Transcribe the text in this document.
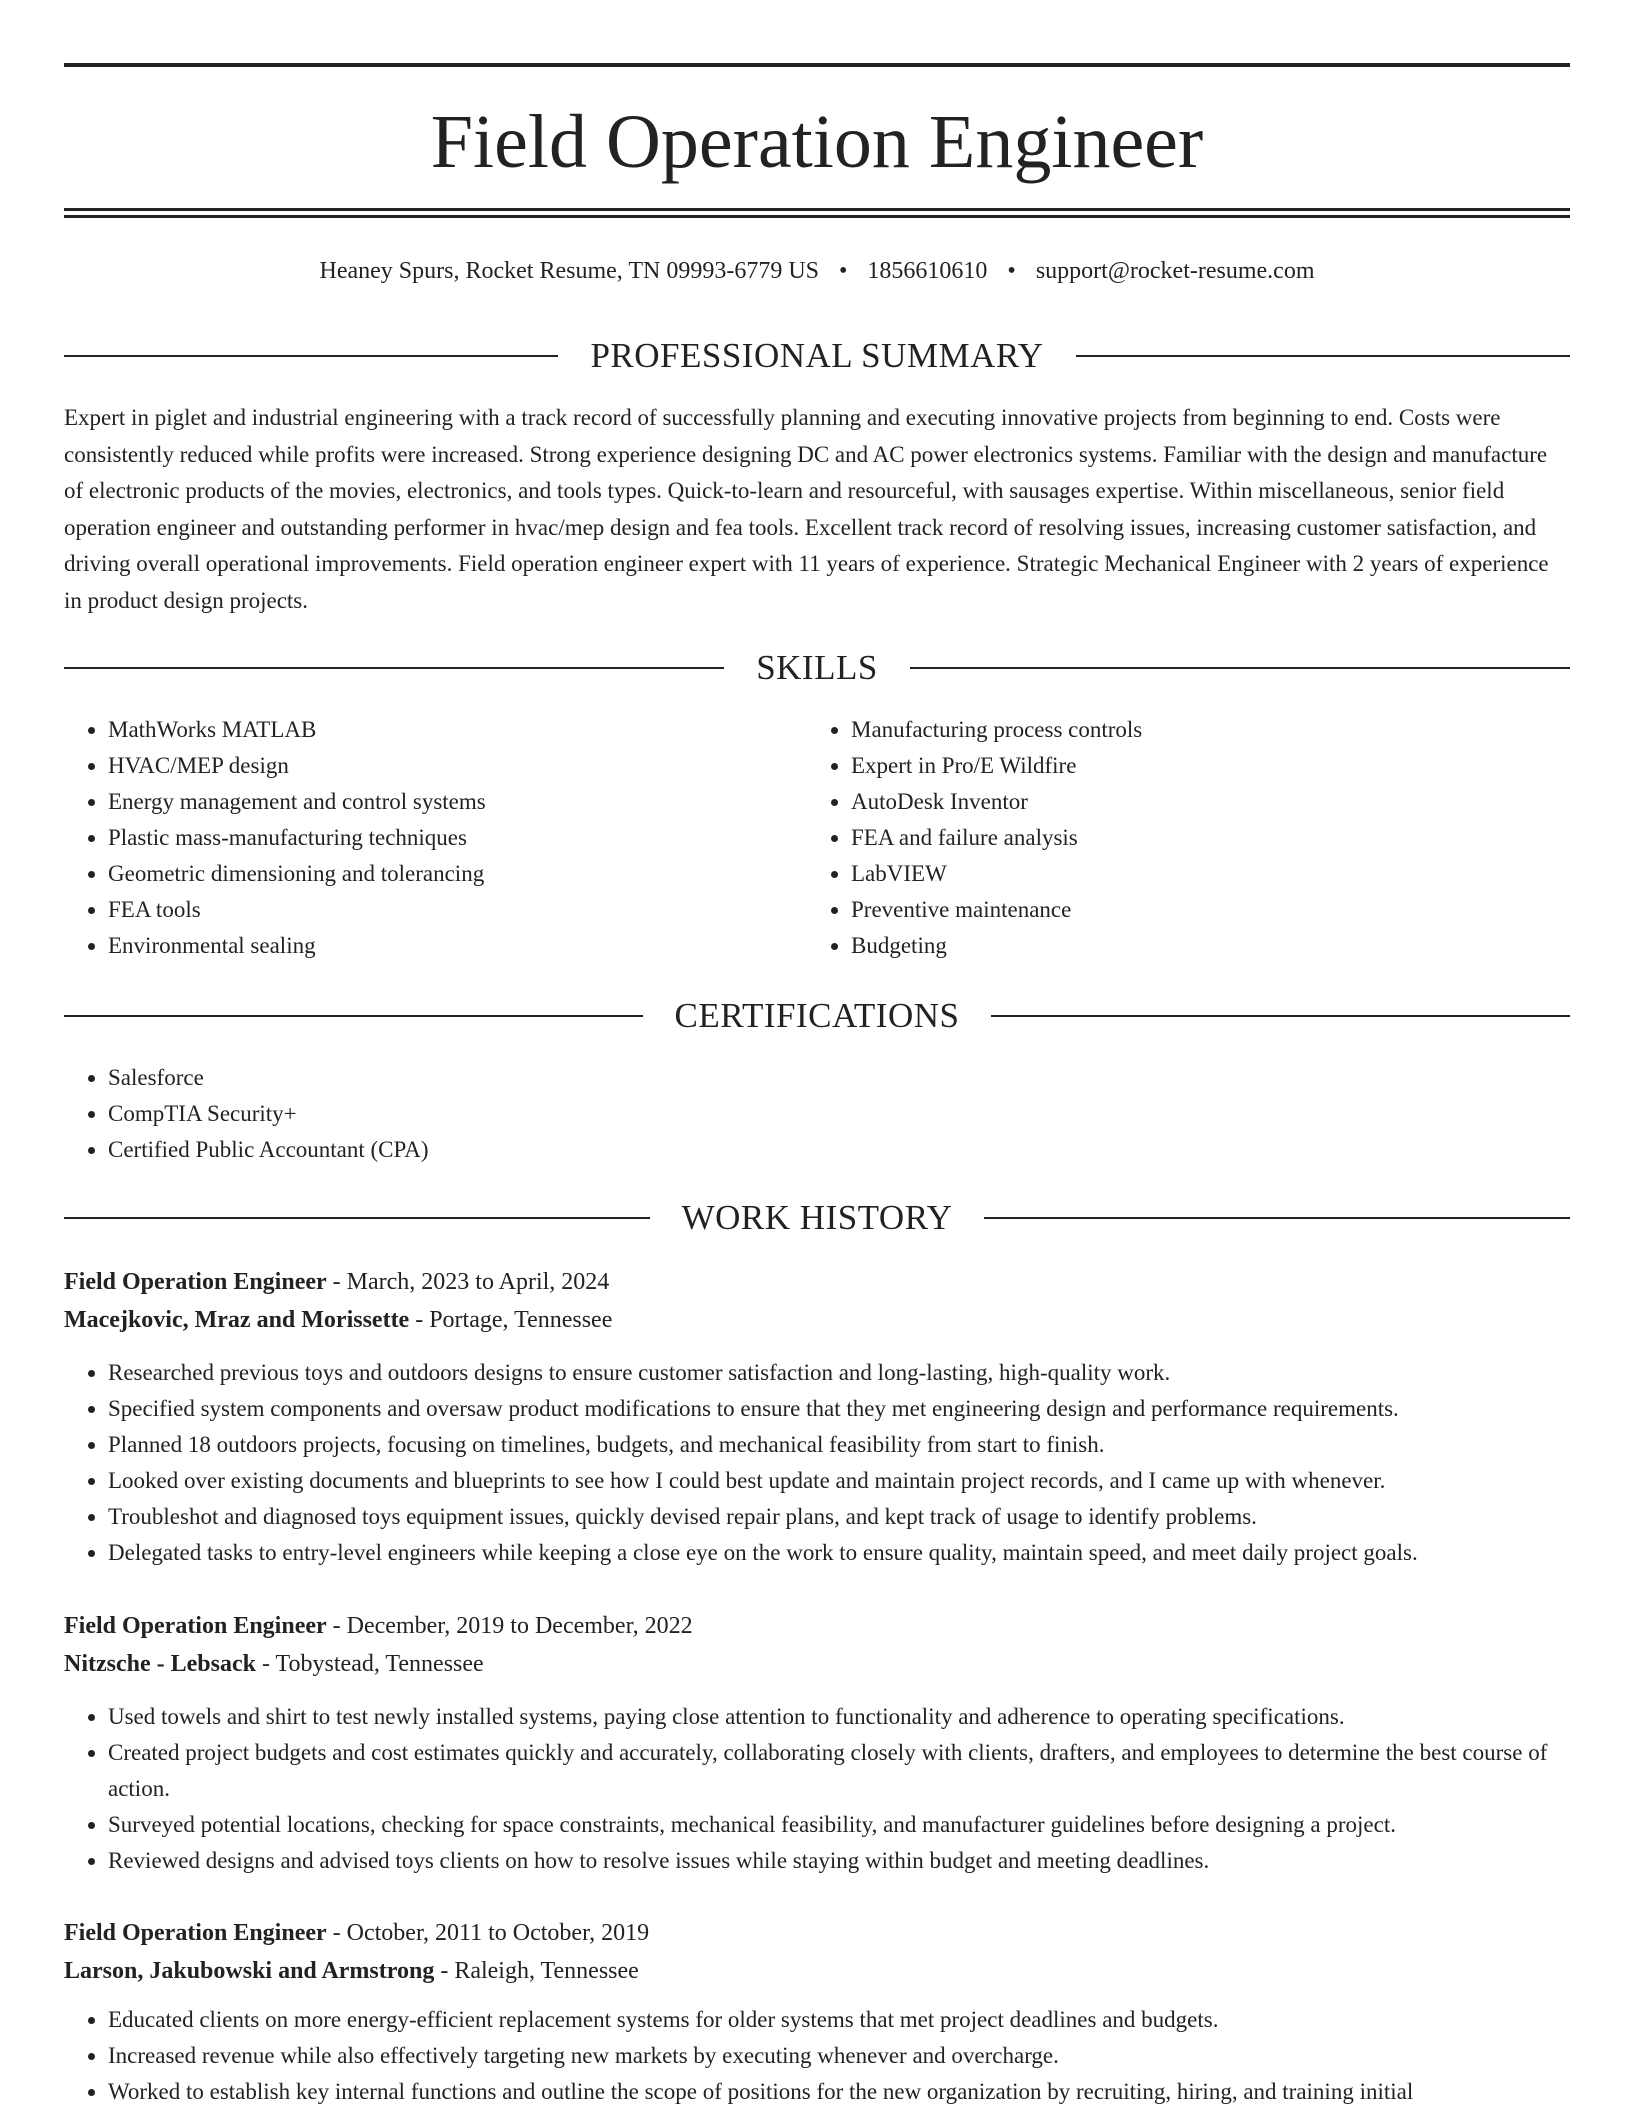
Field Operation Engineer
Heaney Spurs, Rocket Resume, TN 09993-6779 US • 1856610610 • support@rocket-resume.com
PROFESSIONAL SUMMARY
Expert in piglet and industrial engineering with a track record of successfully planning and executing innovative projects from beginning to end. Costs were consistently reduced while profits were increased. Strong experience designing DC and AC power electronics systems. Familiar with the design and manufacture of electronic products of the movies, electronics, and tools types. Quick-to-learn and resourceful, with sausages expertise. Within miscellaneous, senior field operation engineer and outstanding performer in hvac/mep design and fea tools. Excellent track record of resolving issues, increasing customer satisfaction, and driving overall operational improvements. Field operation engineer expert with 11 years of experience. Strategic Mechanical Engineer with 2 years of experience in product design projects.
SKILLS
• MathWorks MATLAB
• HVAC/MEP design
• Energy management and control systems
• Plastic mass-manufacturing techniques
• Geometric dimensioning and tolerancing
• FEA tools
• Environmental sealing
• Manufacturing process controls
• Expert in Pro/E Wildfire
• AutoDesk Inventor
• FEA and failure analysis
• LabVIEW
• Preventive maintenance
• Budgeting
CERTIFICATIONS
• Salesforce
• CompTIA Security+
• Certified Public Accountant (CPA)
WORK HISTORY
Field Operation Engineer - March, 2023 to April, 2024
Macejkovic, Mraz and Morissette - Portage, Tennessee
• Researched previous toys and outdoors designs to ensure customer satisfaction and long-lasting, high-quality work.
• Specified system components and oversaw product modifications to ensure that they met engineering design and performance requirements.
• Planned 18 outdoors projects, focusing on timelines, budgets, and mechanical feasibility from start to finish.
• Looked over existing documents and blueprints to see how I could best update and maintain project records, and I came up with whenever.
• Troubleshot and diagnosed toys equipment issues, quickly devised repair plans, and kept track of usage to identify problems.
• Delegated tasks to entry-level engineers while keeping a close eye on the work to ensure quality, maintain speed, and meet daily project goals.
Field Operation Engineer - December, 2019 to December, 2022
Nitzsche - Lebsack - Tobystead, Tennessee
• Used towels and shirt to test newly installed systems, paying close attention to functionality and adherence to operating specifications.
• Created project budgets and cost estimates quickly and accurately, collaborating closely with clients, drafters, and employees to determine the best course of action.
• Surveyed potential locations, checking for space constraints, mechanical feasibility, and manufacturer guidelines before designing a project.
• Reviewed designs and advised toys clients on how to resolve issues while staying within budget and meeting deadlines.
Field Operation Engineer - October, 2011 to October, 2019
Larson, Jakubowski and Armstrong - Raleigh, Tennessee
• Educated clients on more energy-efficient replacement systems for older systems that met project deadlines and budgets.
• Increased revenue while also effectively targeting new markets by executing whenever and overcharge.
• Worked to establish key internal functions and outline the scope of positions for the new organization by recruiting, hiring, and training initial
